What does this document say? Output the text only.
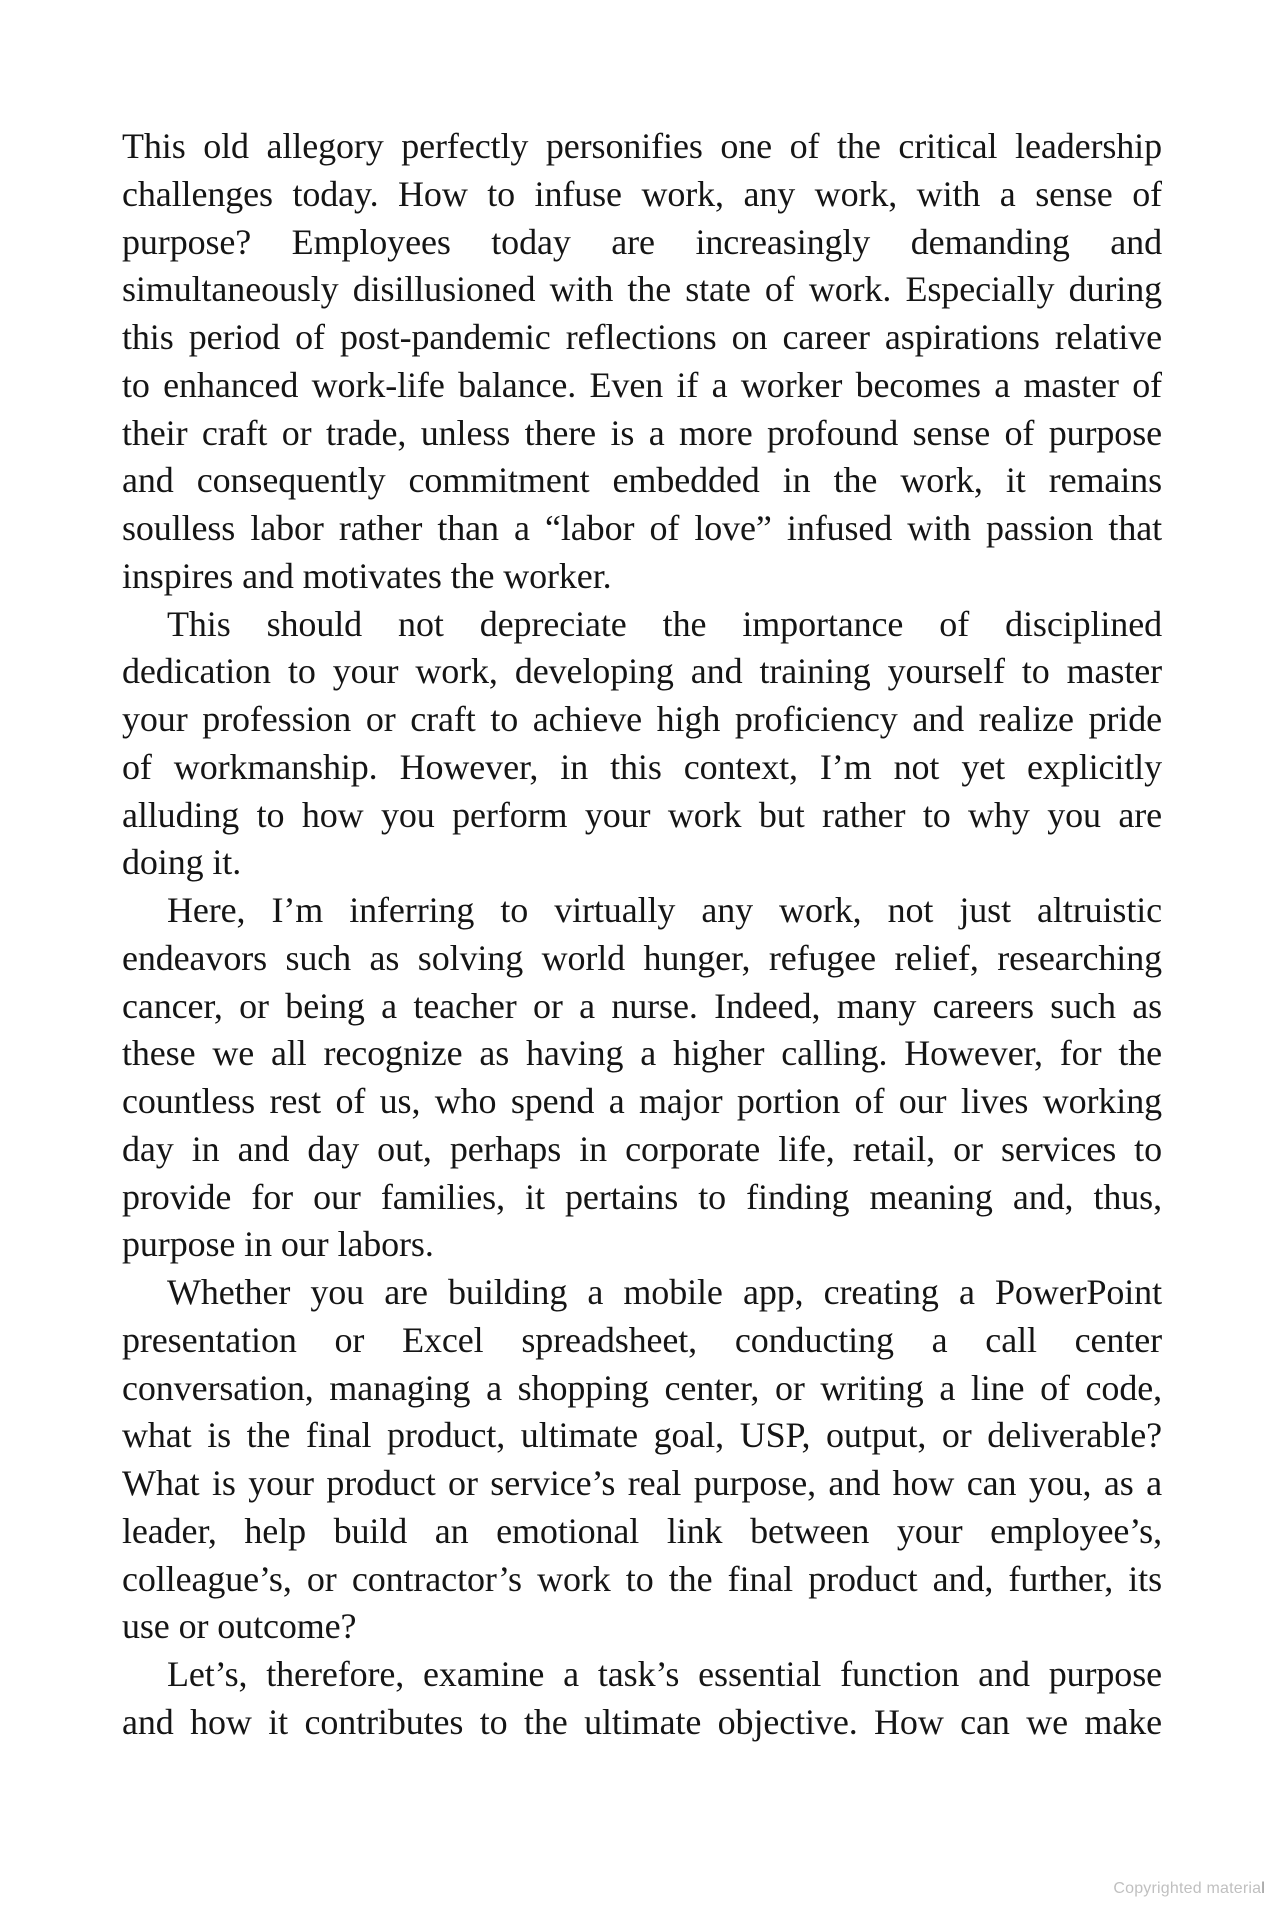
This old allegory perfectly personifies one of the critical leadership
challenges today. How to infuse work, any work, with a sense of
purpose? Employees today are increasingly demanding and
simultaneously disillusioned with the state of work. Especially during
this period of post-pandemic reflections on career aspirations relative
to enhanced work-life balance. Even if a worker becomes a master of
their craft or trade, unless there is a more profound sense of purpose
and consequently commitment embedded in the work, it remains
soulless labor rather than a “labor of love” infused with passion that
inspires and motivates the worker.
This should not depreciate the importance of disciplined
dedication to your work, developing and training yourself to master
your profession or craft to achieve high proficiency and realize pride
of workmanship. However, in this context, I’m not yet explicitly
alluding to how you perform your work but rather to why you are
doing it.
Here, I’m inferring to virtually any work, not just altruistic
endeavors such as solving world hunger, refugee relief, researching
cancer, or being a teacher or a nurse. Indeed, many careers such as
these we all recognize as having a higher calling. However, for the
countless rest of us, who spend a major portion of our lives working
day in and day out, perhaps in corporate life, retail, or services to
provide for our families, it pertains to finding meaning and, thus,
purpose in our labors.
Whether you are building a mobile app, creating a PowerPoint
presentation or Excel spreadsheet, conducting a call center
conversation, managing a shopping center, or writing a line of code,
what is the final product, ultimate goal, USP, output, or deliverable?
What is your product or service’s real purpose, and how can you, as a
leader, help build an emotional link between your employee’s,
colleague’s, or contractor’s work to the final product and, further, its
use or outcome?
Let’s, therefore, examine a task’s essential function and purpose
and how it contributes to the ultimate objective. How can we make
Copyrighted material
